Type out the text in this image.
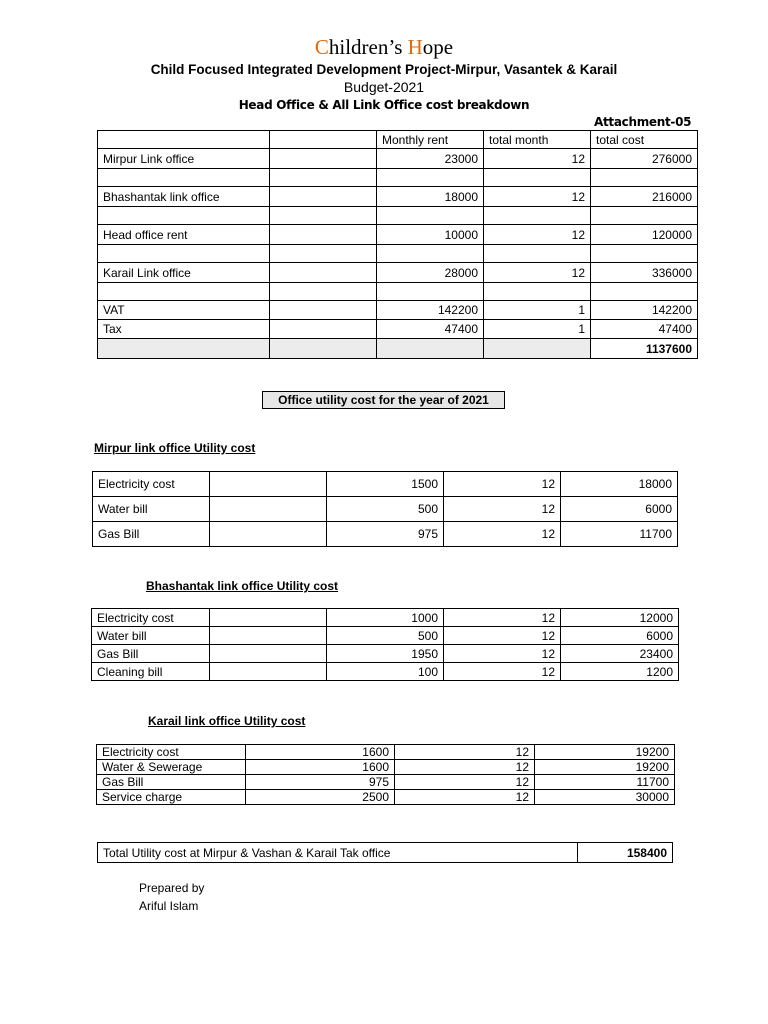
Children’s Hope
Child Focused Integrated Development Project-Mirpur, Vasantek & Karail
Budget-2021
Head Office & All Link Office cost breakdown
Attachment-05
		Monthly rent	total month	total cost
Mirpur Link office		23000	12	276000

Bhashantak link office		18000	12	216000

Head office rent		10000	12	120000

Karail Link office		28000	12	336000

VAT		142200	1	142200
Tax		47400	1	47400
				1137600
Office utility cost for the year of 2021
Mirpur link office Utility cost
Electricity cost		1500	12	18000
Water bill		500	12	6000
Gas Bill		975	12	11700
Bhashantak link office Utility cost
Electricity cost		1000	12	12000
Water bill		500	12	6000
Gas Bill		1950	12	23400
Cleaning bill		100	12	1200
Karail link office Utility cost
Electricity cost	1600	12	19200
Water & Sewerage	1600	12	19200
Gas Bill	975	12	11700
Service charge	2500	12	30000
Total Utility cost at Mirpur & Vashan & Karail Tak office	158400
Prepared by
Ariful Islam
